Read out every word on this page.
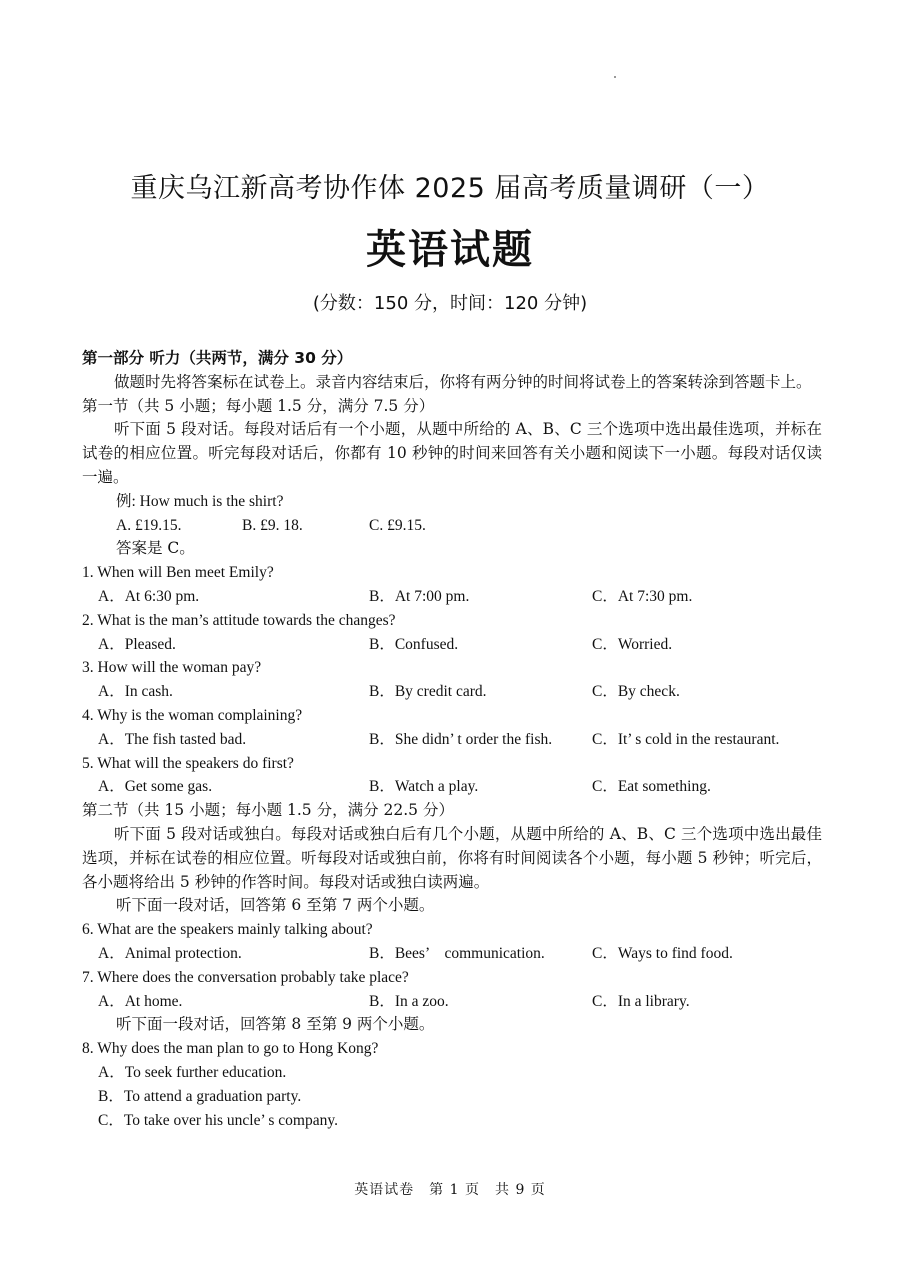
重庆乌江新高考协作体 2025 届高考质量调研（一）
英语试题
(分数：150 分，时间：120 分钟)
第一部分 听力（共两节，满分 30 分）
做题时先将答案标在试卷上。录音内容结束后，你将有两分钟的时间将试卷上的答案转涂到答题卡上。
第一节（共 5 小题；每小题 1.5 分，满分 7.5 分）
听下面 5 段对话。每段对话后有一个小题，从题中所给的 A、B、C 三个选项中选出最佳选项，并标在试卷的相应位置。听完每段对话后，你都有 10 秒钟的时间来回答有关小题和阅读下一小题。每段对话仅读一遍。
例: How much is the shirt?
A. £19.15.	B. £9. 18.	C. £9.15.
答案是 C。
1. When will Ben meet Emily?
A．At 6:30 pm.	B．At 7:00 pm.	C．At 7:30 pm.
2. What is the man’s attitude towards the changes?
A．Pleased.	B．Confused.	C．Worried.
3. How will the woman pay?
A．In cash.	B．By credit card.	C．By check.
4. Why is the woman complaining?
A．The fish tasted bad.	B．She didn’ t order the fish.	C．It’ s cold in the restaurant.
5. What will the speakers do first?
A．Get some gas.	B．Watch a play.	C．Eat something.
第二节（共 15 小题；每小题 1.5 分，满分 22.5 分）
听下面 5 段对话或独白。每段对话或独白后有几个小题，从题中所给的 A、B、C 三个选项中选出最佳选项，并标在试卷的相应位置。听每段对话或独白前，你将有时间阅读各个小题，每小题 5 秒钟；听完后，各小题将给出 5 秒钟的作答时间。每段对话或独白读两遍。
听下面一段对话，回答第 6 至第 7 两个小题。
6. What are the speakers mainly talking about?
A．Animal protection.	B．Bees’　communication.	C．Ways to find food.
7. Where does the conversation probably take place?
A．At home.	B．In a zoo.	C．In a library.
听下面一段对话，回答第 8 至第 9 两个小题。
8. Why does the man plan to go to Hong Kong?
A．To seek further education.
B．To attend a graduation party.
C．To take over his uncle’ s company.
英语试卷　第 1 页　共 9 页
